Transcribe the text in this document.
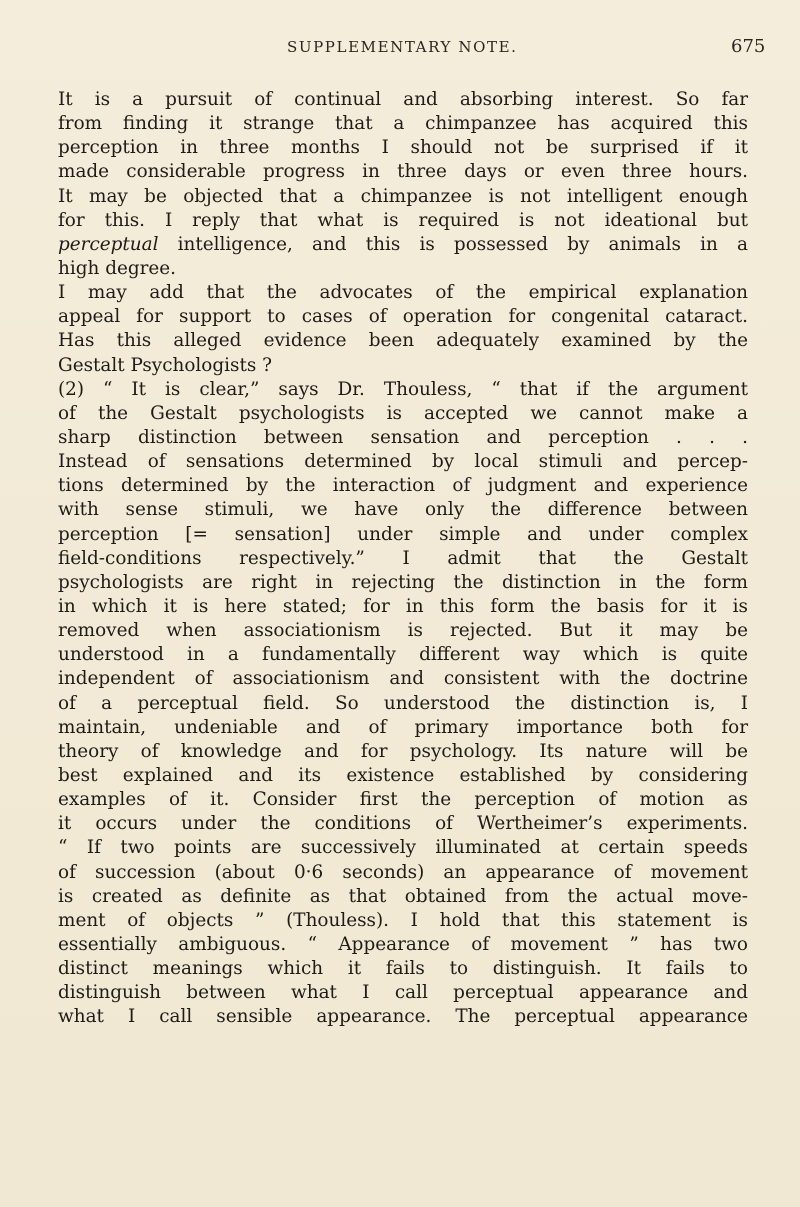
SUPPLEMENTARY NOTE.	675
It is a pursuit of continual and absorbing interest. So far
from finding it strange that a chimpanzee has acquired this
perception in three months I should not be surprised if it
made considerable progress in three days or even three hours.
It may be objected that a chimpanzee is not intelligent enough
for this. I reply that what is required is not ideational but
perceptual intelligence, and this is possessed by animals in a
high degree.
I may add that the advocates of the empirical explanation
appeal for support to cases of operation for congenital cataract.
Has this alleged evidence been adequately examined by the
Gestalt Psychologists ?
(2) “ It is clear,” says Dr. Thouless, “ that if the argument
of the Gestalt psychologists is accepted we cannot make a
sharp distinction between sensation and perception . . .
Instead of sensations determined by local stimuli and percep-
tions determined by the interaction of judgment and experience
with sense stimuli, we have only the difference between
perception [= sensation] under simple and under complex
field-conditions respectively.” I admit that the Gestalt
psychologists are right in rejecting the distinction in the form
in which it is here stated; for in this form the basis for it is
removed when associationism is rejected. But it may be
understood in a fundamentally different way which is quite
independent of associationism and consistent with the doctrine
of a perceptual field. So understood the distinction is, I
maintain, undeniable and of primary importance both for
theory of knowledge and for psychology. Its nature will be
best explained and its existence established by considering
examples of it. Consider first the perception of motion as
it occurs under the conditions of Wertheimer’s experiments.
“ If two points are successively illuminated at certain speeds
of succession (about 0·6 seconds) an appearance of movement
is created as definite as that obtained from the actual move-
ment of objects ” (Thouless). I hold that this statement is
essentially ambiguous. “ Appearance of movement ” has two
distinct meanings which it fails to distinguish. It fails to
distinguish between what I call perceptual appearance and
what I call sensible appearance. The perceptual appearance
